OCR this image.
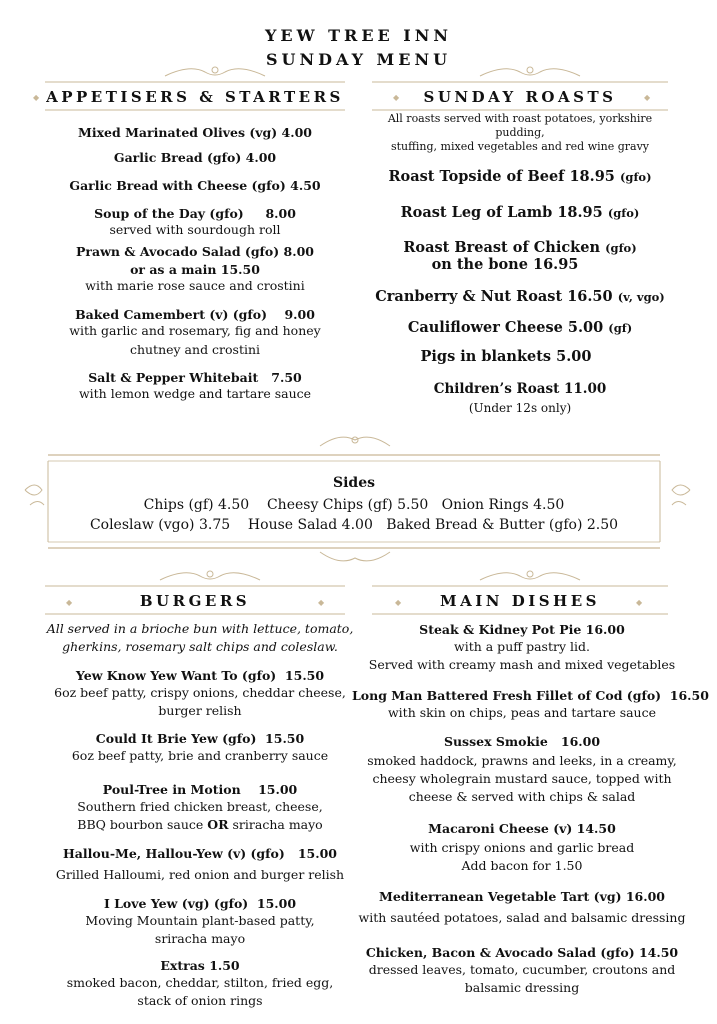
YEW TREE INN
SUNDAY MENU
◆	◆	◆
◆	◆	◆	◆
APPETISERS & STARTERS
Mixed Marinated Olives (vg) 4.00
Garlic Bread (gfo) 4.00
Garlic Bread with Cheese (gfo) 4.50
Soup of the Day (gfo)     8.00
served with sourdough roll
Prawn & Avocado Salad (gfo) 8.00
or as a main 15.50
with marie rose sauce and crostini
Baked Camembert (v) (gfo)    9.00
with garlic and rosemary, fig and honey
chutney and crostini
Salt & Pepper Whitebait   7.50
with lemon wedge and tartare sauce
SUNDAY ROASTS
All roasts served with roast potatoes, yorkshire pudding,
stuffing, mixed vegetables and red wine gravy
Roast Topside of Beef 18.95 (gfo)
Roast Leg of Lamb 18.95 (gfo)
Roast Breast of Chicken (gfo)
on the bone 16.95
Cranberry & Nut Roast 16.50 (v, vgo)
Cauliflower Cheese 5.00 (gf)
Pigs in blankets 5.00
Children’s Roast 11.00
(Under 12s only)
Sides
Chips (gf) 4.50    Cheesy Chips (gf) 5.50   Onion Rings 4.50
Coleslaw (vgo) 3.75    House Salad 4.00   Baked Bread & Butter (gfo) 2.50
BURGERS
All served in a brioche bun with lettuce, tomato,
gherkins, rosemary salt chips and coleslaw.
Yew Know Yew Want To (gfo)  15.50
6oz beef patty, crispy onions, cheddar cheese,
burger relish
Could It Brie Yew (gfo)  15.50
6oz beef patty, brie and cranberry sauce
Poul-Tree in Motion    15.00
Southern fried chicken breast, cheese,
BBQ bourbon sauce OR sriracha mayo
Hallou-Me, Hallou-Yew (v) (gfo)   15.00
Grilled Halloumi, red onion and burger relish
I Love Yew (vg) (gfo)  15.00
Moving Mountain plant-based patty,
sriracha mayo
Extras 1.50
smoked bacon, cheddar, stilton, fried egg,
stack of onion rings
MAIN DISHES
Steak & Kidney Pot Pie 16.00
with a puff pastry lid.
Served with creamy mash and mixed vegetables
Long Man Battered Fresh Fillet of Cod (gfo)  16.50
with skin on chips, peas and tartare sauce
Sussex Smokie   16.00
smoked haddock, prawns and leeks, in a creamy,
cheesy wholegrain mustard sauce, topped with
cheese & served with chips & salad
Macaroni Cheese (v) 14.50
with crispy onions and garlic bread
Add bacon for 1.50
Mediterranean Vegetable Tart (vg) 16.00
with sautéed potatoes, salad and balsamic dressing
Chicken, Bacon & Avocado Salad (gfo) 14.50
dressed leaves, tomato, cucumber, croutons and
balsamic dressing
